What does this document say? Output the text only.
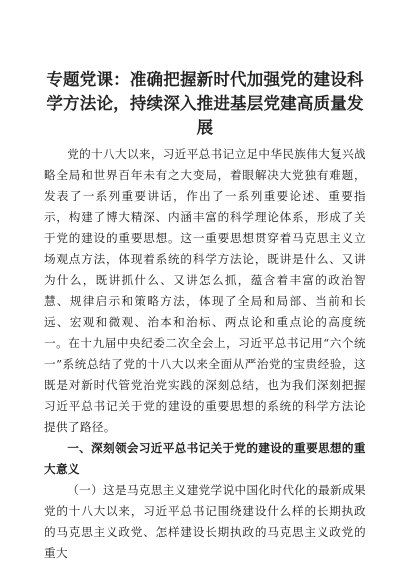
专题党课：准确把握新时代加强党的建设科学方法论，持续深入推进基层党建高质量发展

党的十八大以来，习近平总书记立足中华民族伟大复兴战略全局和世界百年未有之大变局，着眼解决大党独有难题，发表了一系列重要讲话，作出了一系列重要论述、重要指示，构建了博大精深、内涵丰富的科学理论体系，形成了关于党的建设的重要思想。这一重要思想贯穿着马克思主义立场观点方法，体现着系统的科学方法论，既讲是什么、又讲为什么，既讲抓什么、又讲怎么抓，蕴含着丰富的政治智慧、规律启示和策略方法，体现了全局和局部、当前和长远、宏观和微观、治本和治标、两点论和重点论的高度统一。在十九届中央纪委二次全会上，习近平总书记用“六个统一”系统总结了党的十八大以来全面从严治党的宝贵经验，这既是对新时代管党治党实践的深刻总结，也为我们深刻把握习近平总书记关于党的建设的重要思想的系统的科学方法论提供了路径。

一、深刻领会习近平总书记关于党的建设的重要思想的重大意义

（一）这是马克思主义建党学说中国化时代化的最新成果党的十八大以来，习近平总书记围绕建设什么样的长期执政的马克思主义政党、怎样建设长期执政的马克思主义政党的重大
